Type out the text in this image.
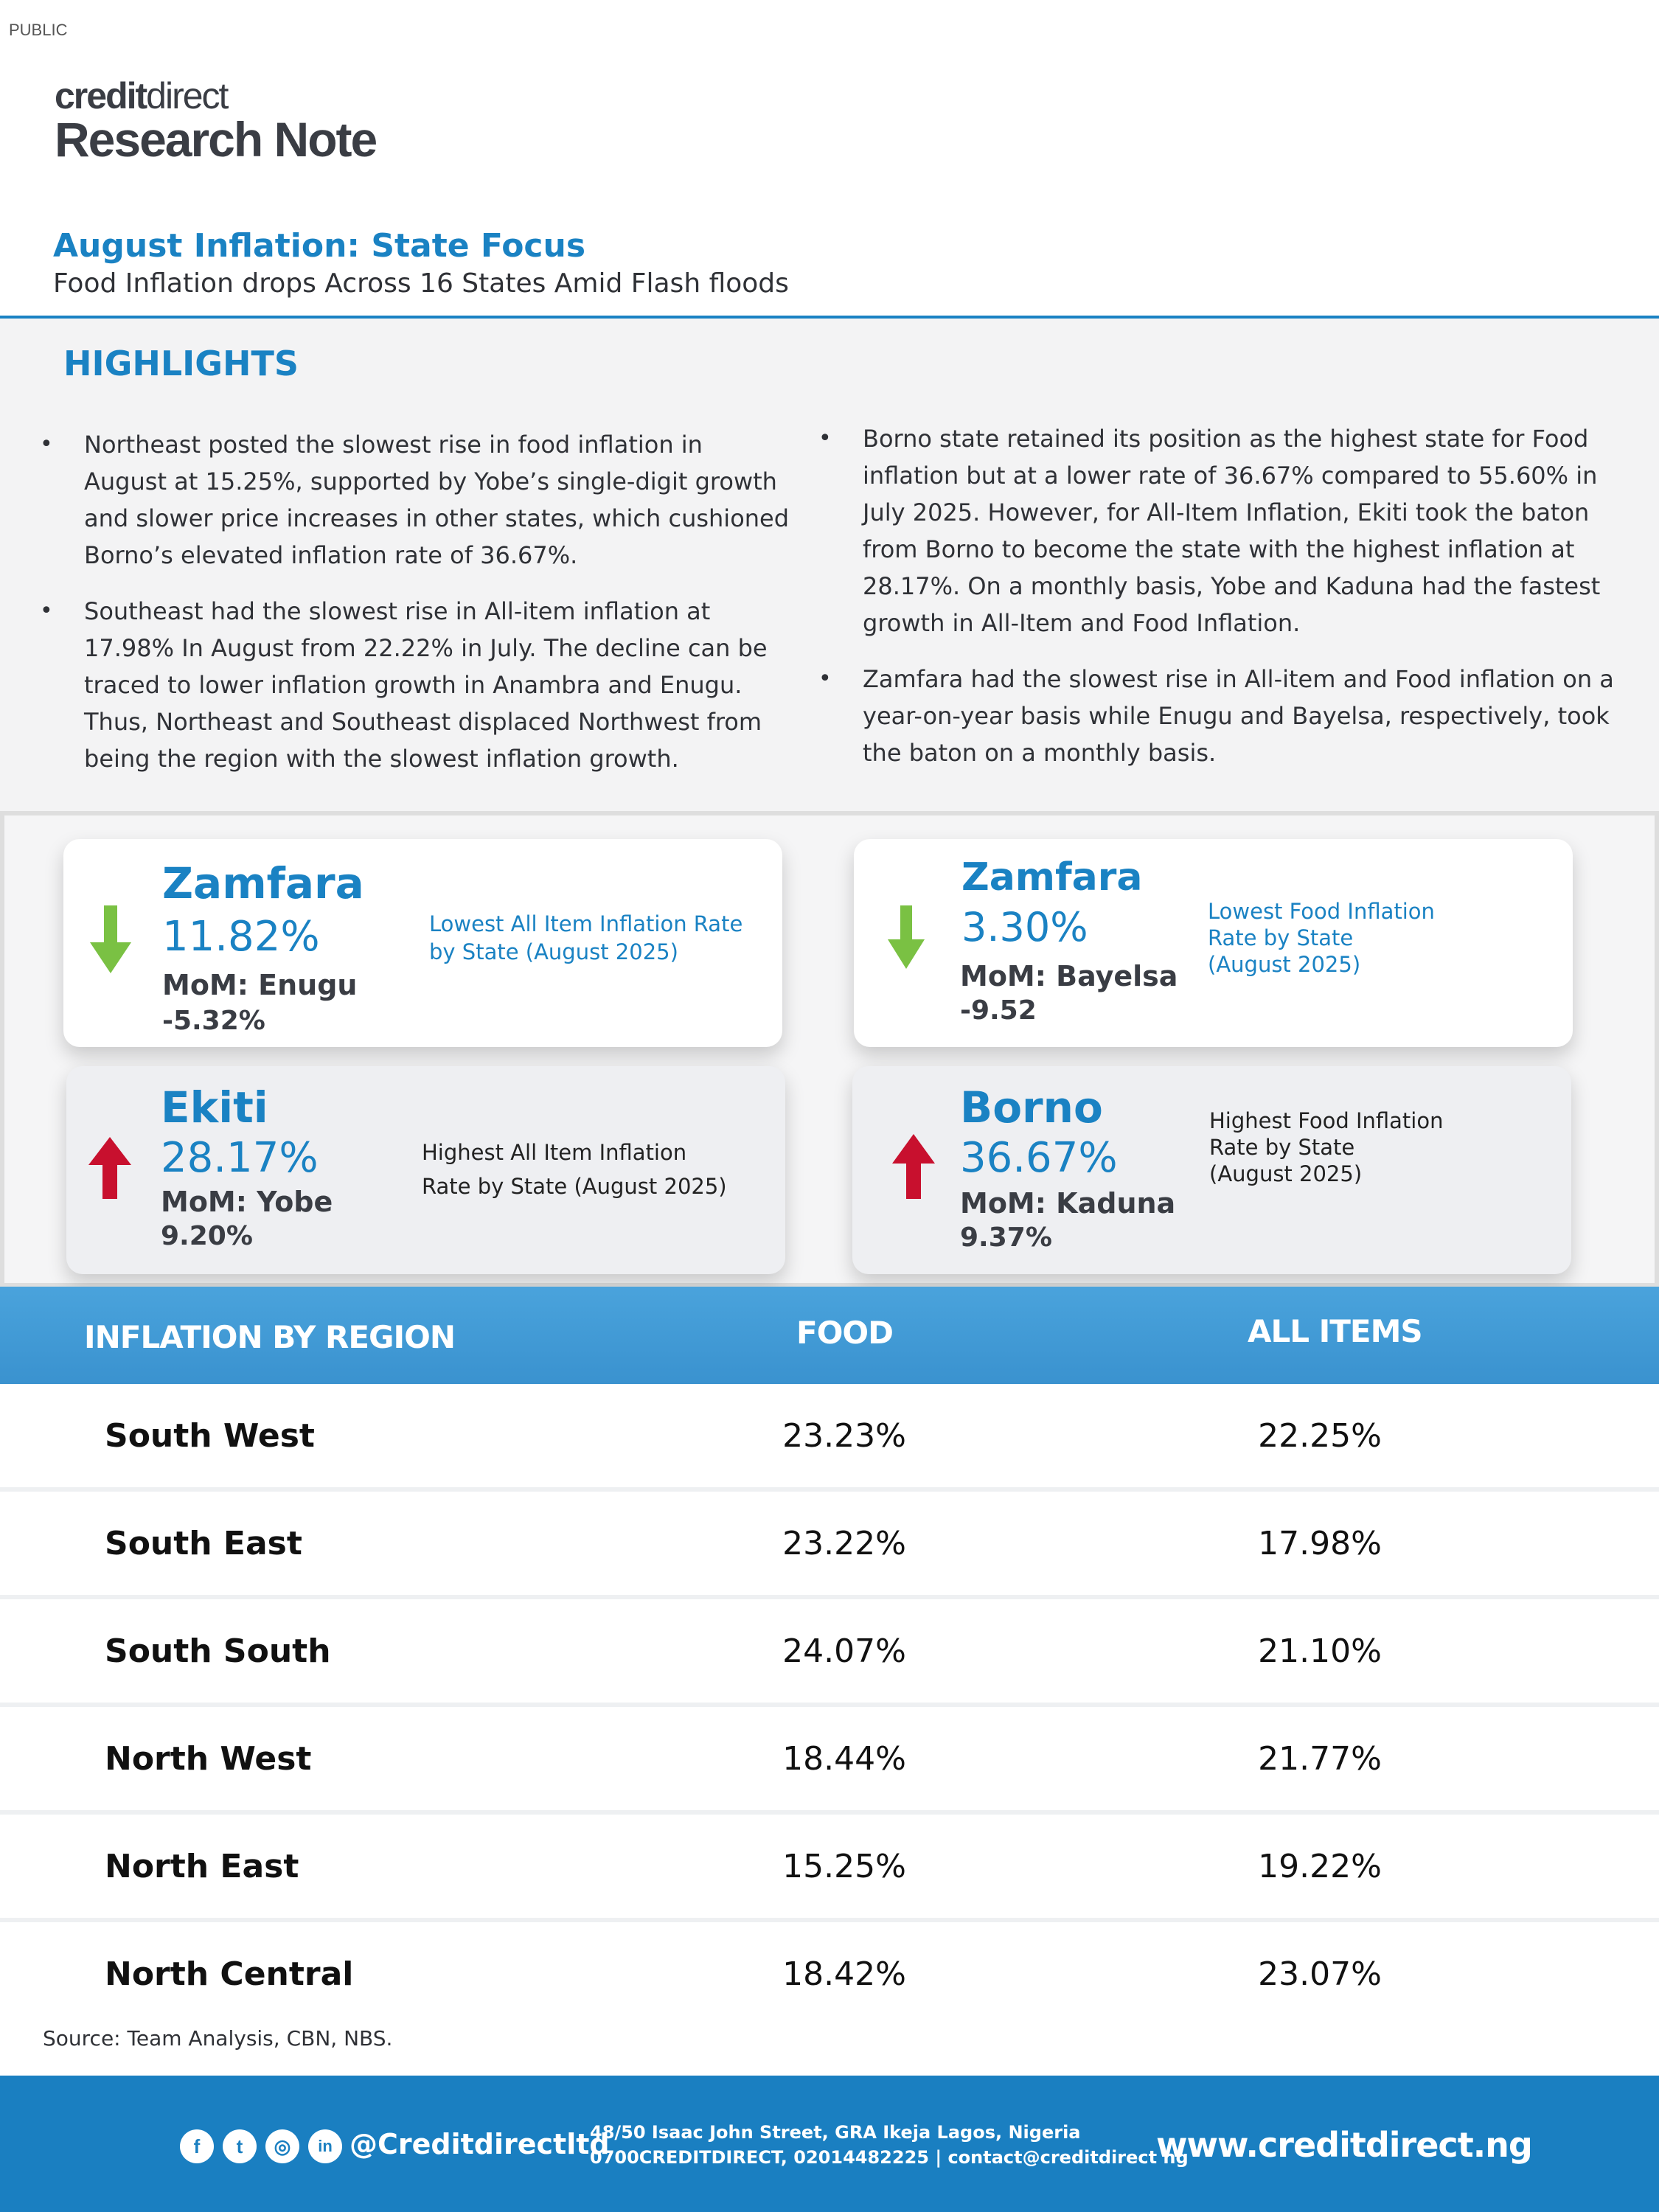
PUBLIC
creditdirect
Research Note
August Inflation: State Focus
Food Inflation drops Across 16 States Amid Flash floods
HIGHLIGHTS
• Northeast posted the slowest rise in food inflation in August at 15.25%, supported by Yobe’s single-digit growth and slower price increases in other states, which cushioned Borno’s elevated inflation rate of 36.67%.
• Southeast had the slowest rise in All-item inflation at 17.98% In August from 22.22% in July. The decline can be traced to lower inflation growth in Anambra and Enugu. Thus, Northeast and Southeast displaced Northwest from being the region with the slowest inflation growth.
• Borno state retained its position as the highest state for Food inflation but at a lower rate of 36.67% compared to 55.60% in July 2025. However, for All-Item Inflation, Ekiti took the baton from Borno to become the state with the highest inflation at 28.17%. On a monthly basis, Yobe and Kaduna had the fastest growth in All-Item and Food Inflation.
• Zamfara had the slowest rise in All-item and Food inflation on a year-on-year basis while Enugu and Bayelsa, respectively, took the baton on a monthly basis.
Zamfara
11.82%
MoM: Enugu
-5.32%
Lowest All Item Inflation Rate
by State (August 2025)
Zamfara
3.30%
MoM: Bayelsa
-9.52
Lowest Food Inflation
Rate by State
(August 2025)
Ekiti
28.17%
MoM: Yobe
9.20%
Highest All Item Inflation
Rate by State (August 2025)
Borno
36.67%
MoM: Kaduna
9.37%
Highest Food Inflation
Rate by State
(August 2025)
INFLATION BY REGION	FOOD	ALL ITEMS
South West	23.23%	22.25%
South East	23.22%	17.98%
South South	24.07%	21.10%
North West	18.44%	21.77%
North East	15.25%	19.22%
North Central	18.42%	23.07%
Source: Team Analysis, CBN, NBS.
f	t	◎	in @Creditdirectltd
48/50 Isaac John Street, GRA Ikeja Lagos, Nigeria
0700CREDITDIRECT, 02014482225 | contact@creditdirect ng
www.creditdirect.ng
